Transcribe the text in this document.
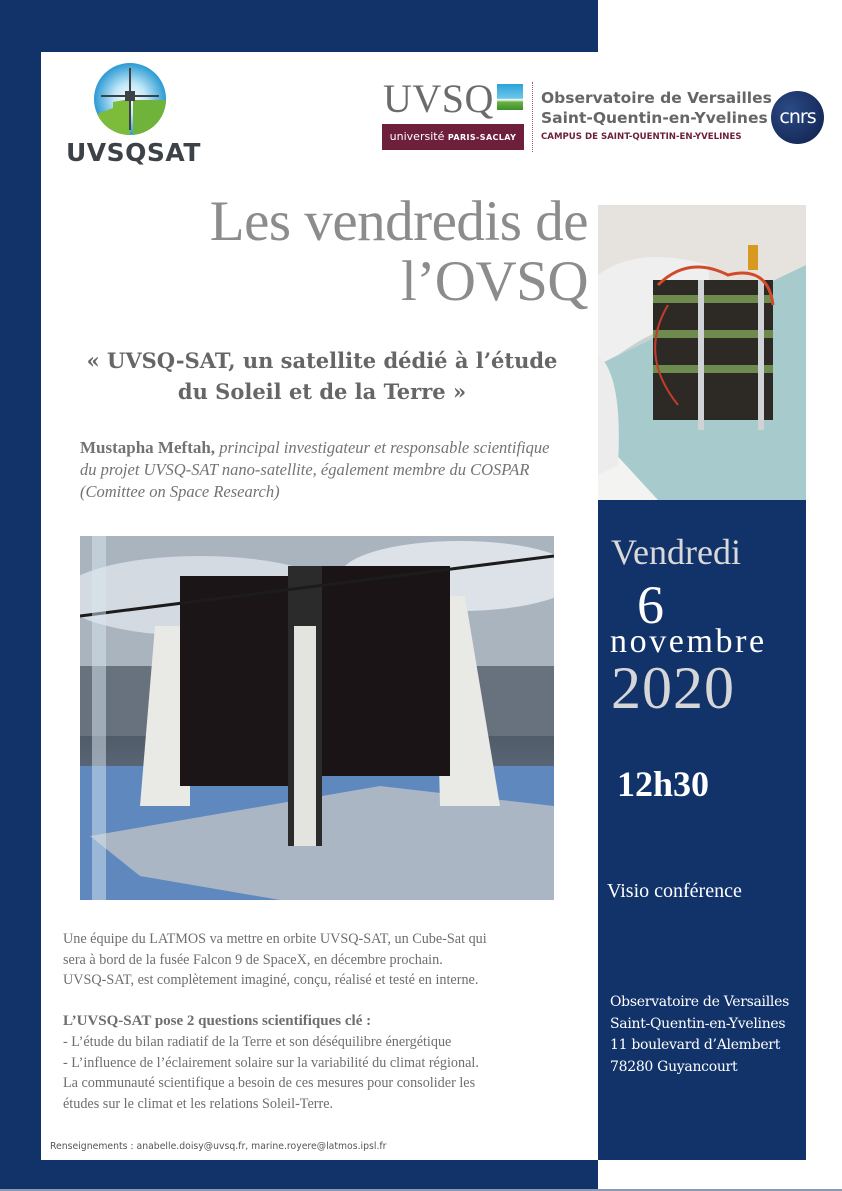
UVSQSAT
UVSQ
université PARIS-SACLAY
Observatoire de Versailles
Saint-Quentin-en-Yvelines
CAMPUS DE SAINT-QUENTIN-EN-YVELINES
cnrs
Les vendredis de
l’OVSQ
« UVSQ-SAT, un satellite dédié à l’étude
du Soleil et de la Terre »
Mustapha Meftah, principal investigateur et responsable scientifique du projet UVSQ-SAT nano-satellite, également membre du COSPAR (Comittee on Space Research)

Une équipe du LATMOS va mettre en orbite UVSQ-SAT, un Cube-Sat qui

sera à bord de la fusée Falcon 9 de SpaceX, en décembre prochain.

UVSQ-SAT, est complètement imaginé, conçu, réalisé et testé en interne.

L’UVSQ-SAT pose 2 questions scientifiques clé :

- L’étude du bilan radiatif de la Terre et son déséquilibre énergétique

- L’influence de l’éclairement solaire sur la variabilité du climat régional.

La communauté scientifique a besoin de ces mesures pour consolider les

études sur le climat et les relations Soleil-Terre.

Renseignements : anabelle.doisy@uvsq.fr, marine.royere@latmos.ipsl.fr
Vendredi
6
novembre
2020
12h30
Visio conférence
Observatoire de Versailles
Saint-Quentin-en-Yvelines
11 boulevard d’Alembert
78280 Guyancourt
